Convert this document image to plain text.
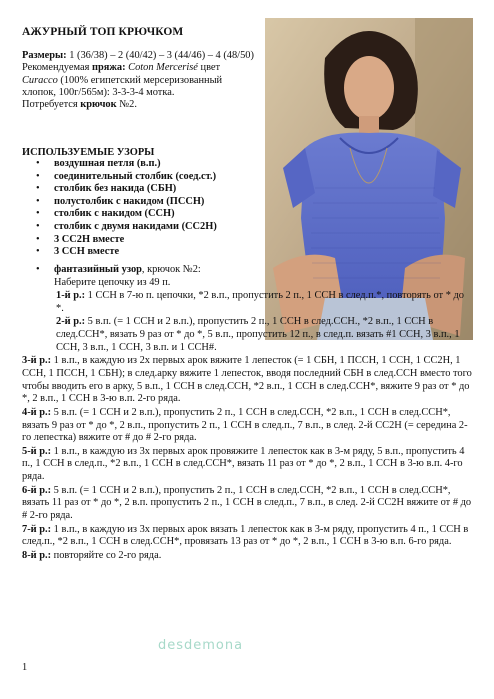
АЖУРНЫЙ ТОП КРЮЧКОМ
Размеры: 1 (36/38) – 2 (40/42) – 3 (44/46) – 4 (48/50)
Рекомендуемая пряжа: Coton Mercerisé цвет Curacco (100% египетский мерсеризованный хлопок, 100г/565м): 3-3-3-4 мотка.
Потребуется крючок №2.
ИСПОЛЬЗУЕМЫЕ УЗОРЫ
• воздушная петля (в.п.)
• соединительный столбик (соед.ст.)
• столбик без накида (СБН)
• полустолбик с накидом (ПССН)
• столбик с накидом (ССН)
• столбик с двумя накидами (СС2Н)
• 3 СС2Н вместе
• 3 ССН вместе
• фантазийный узор, крючок №2:
Наберите цепочку из 49 п.
1-й р.: 1 ССН в 7-ю п. цепочки, *2 в.п., пропустить 2 п., 1 ССН в след.п.*, повторять от * до *.
2-й р.: 5 в.п. (= 1 ССН и 2 в.п.), пропустить 2 п., 1 ССН в след.ССН., *2 в.п., 1 ССН в след.ССН*, вязать 9 раз от * до *, 5 в.п., пропустить 12 п., в след.п. вязать #1 ССН, 3 в.п., 1 ССН, 3 в.п., 1 ССН, 3 в.п. и 1 ССН#.
3-й р.: 1 в.п., в каждую из 2х первых арок вяжите 1 лепесток (= 1 СБН, 1 ПССН, 1 ССН, 1 СС2Н, 1 ССН, 1 ПССН, 1 СБН); в след.арку вяжите 1 лепесток, вводя последний СБН в след.ССН вместо того чтобы вводить его в арку, 5 в.п., 1 ССН в след.ССН, *2 в.п., 1 ССН в след.ССН*, вяжите 9 раз от * до *, 2 в.п., 1 ССН в 3-ю в.п. 2-го ряда.
4-й р.: 5 в.п. (= 1 ССН и 2 в.п.), пропустить 2 п., 1 ССН в след.ССН, *2 в.п., 1 ССН в след.ССН*, вязать 9 раз от * до *, 2 в.п., пропустить 2 п., 1 ССН в след.п., 7 в.п., в след. 2-й СС2Н (= середина 2-го лепестка) вяжите от # до # 2-го ряда.
5-й р.: 1 в.п., в каждую из 3х первых арок провяжите 1 лепесток как в 3-м ряду, 5 в.п., пропустить 4 п., 1 ССН в след.п., *2 в.п., 1 ССН в след.ССН*, вязать 11 раз от * до *, 2 в.п., 1 ССН в 3-ю в.п. 4-го ряда.
6-й р.: 5 в.п. (= 1 ССН и 2 в.п.), пропустить 2 п., 1 ССН в след.ССН, *2 в.п., 1 ССН в след.ССН*, вязать 11 раз от * до *, 2 в.п. пропустить 2 п., 1 ССН в след.п., 7 в.п., в след. 2-й СС2Н вяжите от # до # 2-го ряда.
7-й р.: 1 в.п., в каждую из 3х первых арок вязать 1 лепесток как в 3-м ряду, пропустить 4 п., 1 ССН в след.п., *2 в.п., 1 ССН в след.ССН*, провязать 13 раз от * до *, 2 в.п., 1 ССН в 3-ю в.п. 6-го ряда.
8-й р.: повторяйте со 2-го ряда.
desdemona
1
